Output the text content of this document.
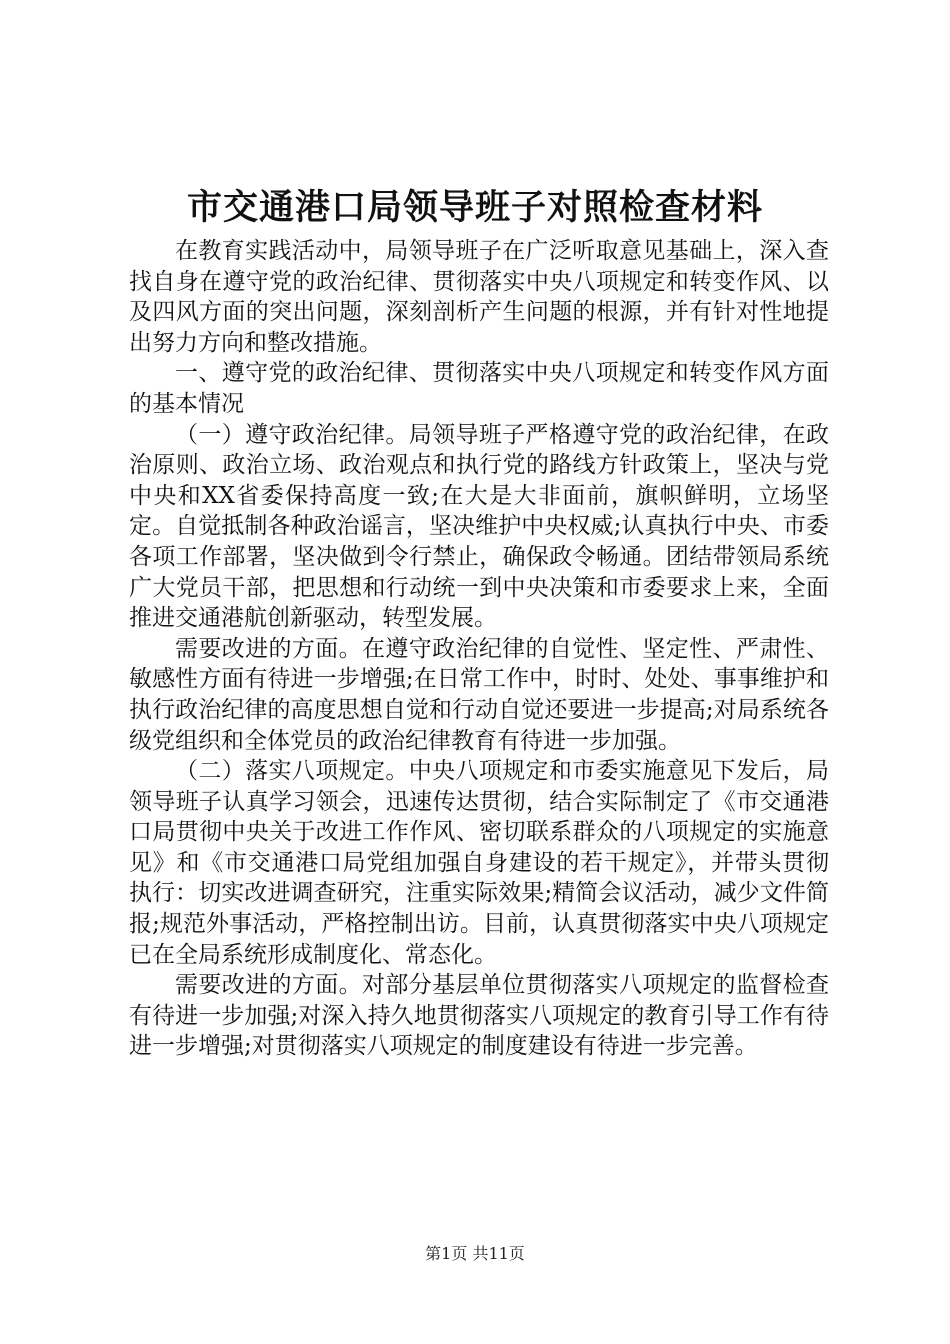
市交通港口局领导班子对照检查材料

在教育实践活动中，局领导班子在广泛听取意见基础上，深入查找自身在遵守党的政治纪律、贯彻落实中央八项规定和转变作风、以及四风方面的突出问题，深刻剖析产生问题的根源，并有针对性地提出努力方向和整改措施。

一、遵守党的政治纪律、贯彻落实中央八项规定和转变作风方面的基本情况

（一）遵守政治纪律。局领导班子严格遵守党的政治纪律，在政治原则、政治立场、政治观点和执行党的路线方针政策上，坚决与党中央和XX省委保持高度一致;在大是大非面前，旗帜鲜明，立场坚定。自觉抵制各种政治谣言，坚决维护中央权威;认真执行中央、市委各项工作部署，坚决做到令行禁止，确保政令畅通。团结带领局系统广大党员干部，把思想和行动统一到中央决策和市委要求上来，全面推进交通港航创新驱动，转型发展。

需要改进的方面。在遵守政治纪律的自觉性、坚定性、严肃性、敏感性方面有待进一步增强;在日常工作中，时时、处处、事事维护和执行政治纪律的高度思想自觉和行动自觉还要进一步提高;对局系统各级党组织和全体党员的政治纪律教育有待进一步加强。

（二）落实八项规定。中央八项规定和市委实施意见下发后，局领导班子认真学习领会，迅速传达贯彻，结合实际制定了《市交通港口局贯彻中央关于改进工作作风、密切联系群众的八项规定的实施意见》和《市交通港口局党组加强自身建设的若干规定》，并带头贯彻执行：切实改进调查研究，注重实际效果;精简会议活动，减少文件简报;规范外事活动，严格控制出访。目前，认真贯彻落实中央八项规定已在全局系统形成制度化、常态化。

需要改进的方面。对部分基层单位贯彻落实八项规定的监督检查有待进一步加强;对深入持久地贯彻落实八项规定的教育引导工作有待进一步增强;对贯彻落实八项规定的制度建设有待进一步完善。

第1页 共11页
